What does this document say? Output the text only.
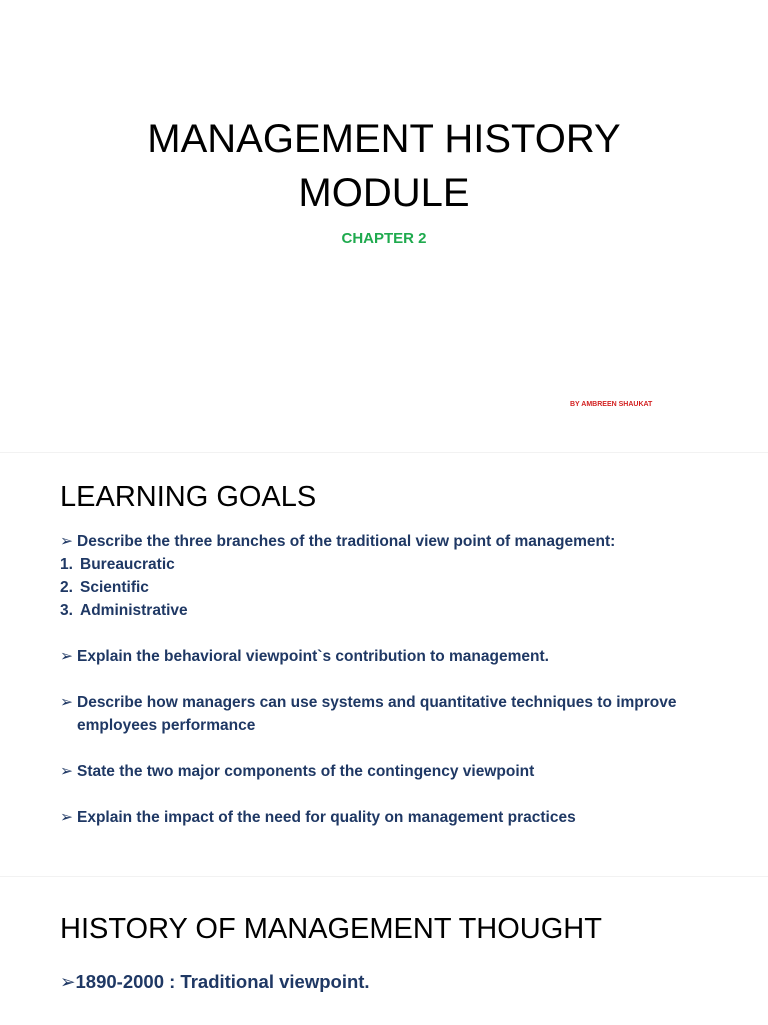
MANAGEMENT HISTORY
MODULE
CHAPTER 2
BY AMBREEN SHAUKAT
LEARNING GOALS
➢ Describe the three branches of the traditional view point of management:
1. Bureaucratic
2. Scientific
3. Administrative
➢ Explain the behavioral viewpoint`s contribution to management.
➢ Describe how managers can use systems and quantitative techniques to improve employees performance
➢ State the two major components of the contingency viewpoint
➢ Explain the impact of the need for quality on management practices
HISTORY OF MANAGEMENT THOUGHT
➢1890-2000 : Traditional viewpoint.
